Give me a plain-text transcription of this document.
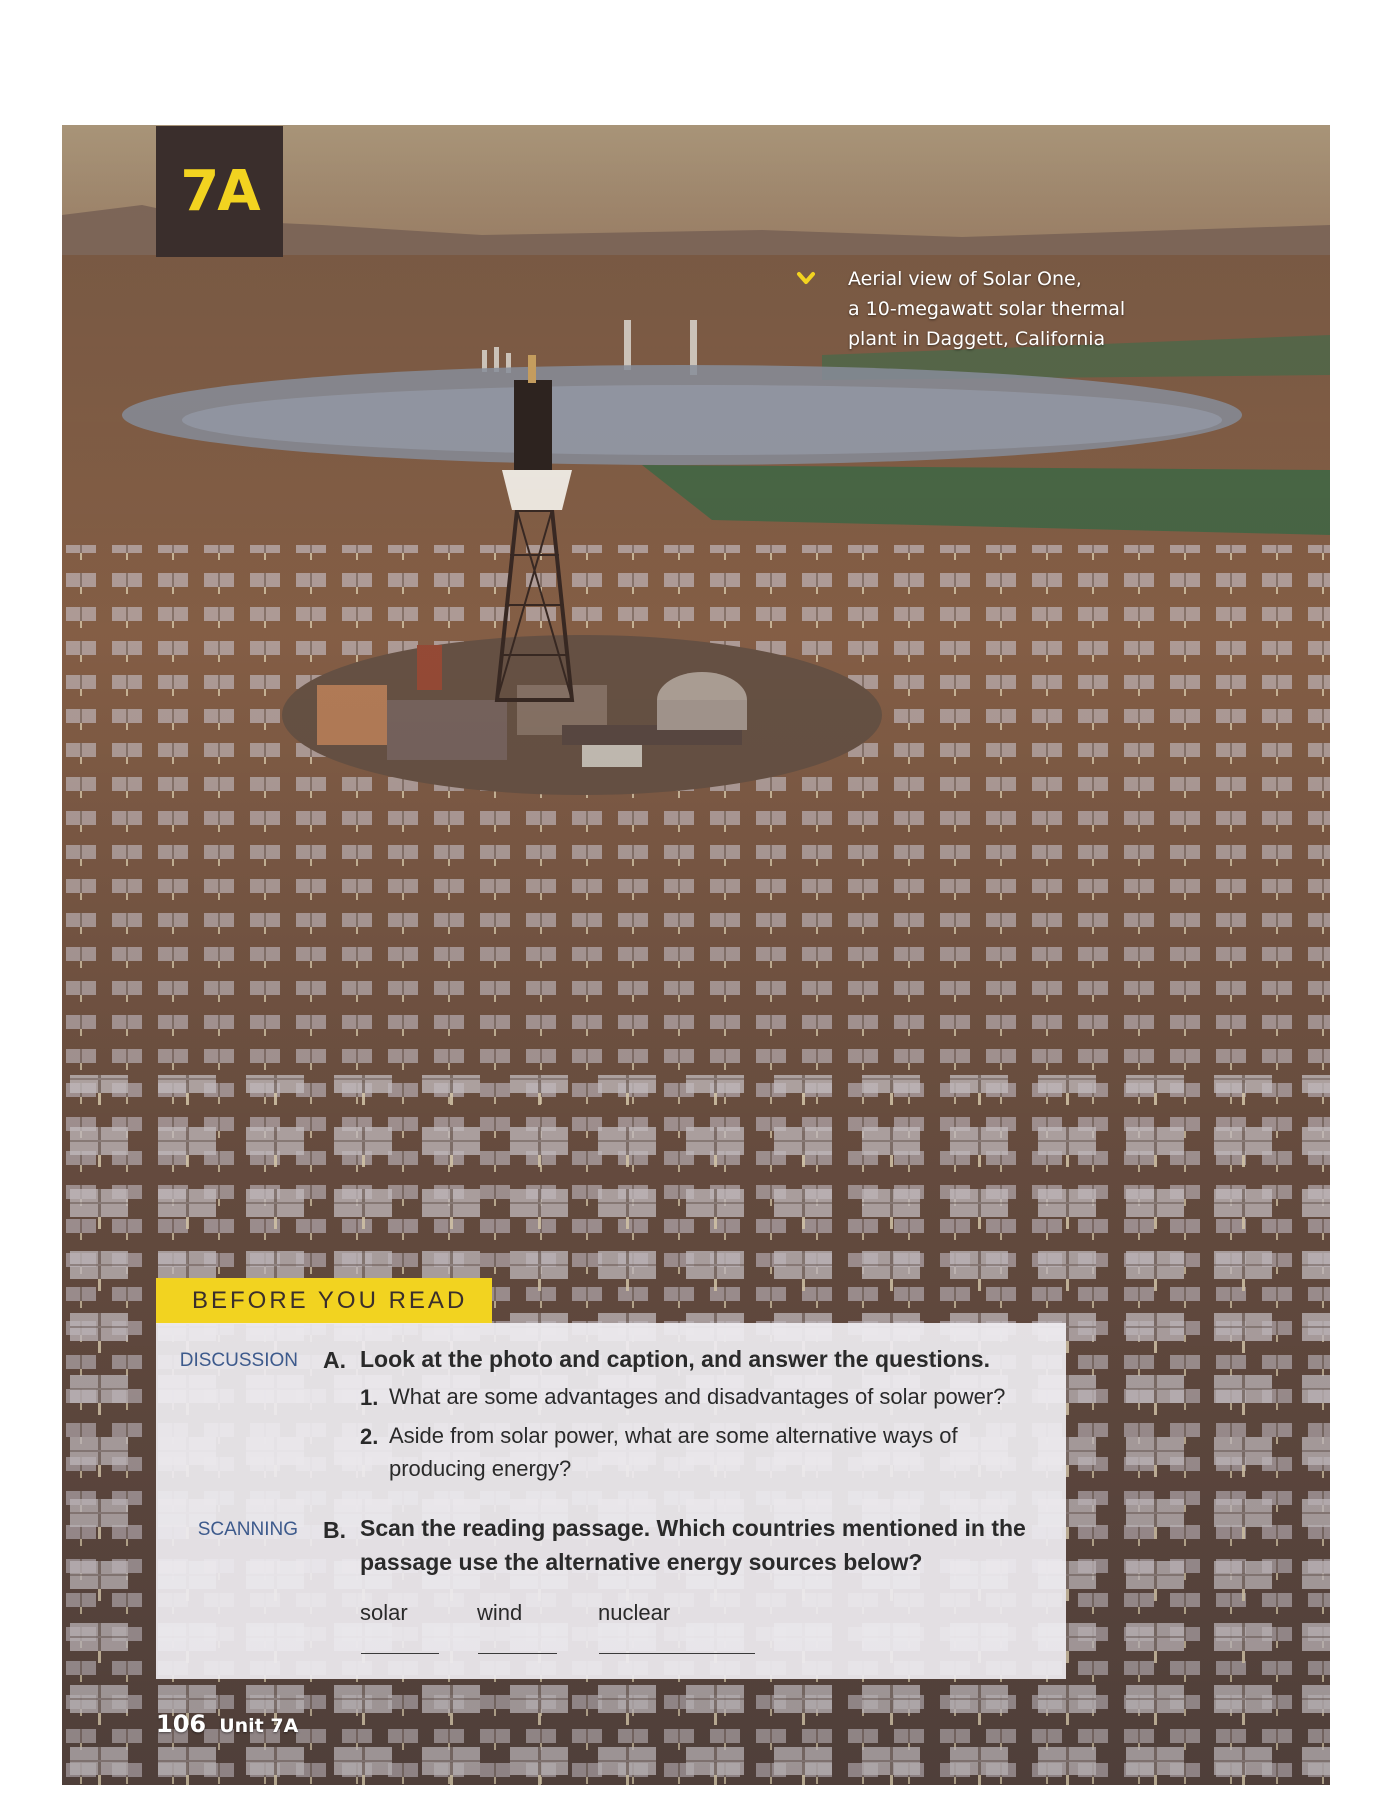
7A
Aerial view of Solar One,
a 10-megawatt solar thermal
plant in Daggett, California
BEFORE YOU READ
DISCUSSION A. Look at the photo and caption, and answer the questions.
1. What are some advantages and disadvantages of solar power?
2. Aside from solar power, what are some alternative ways of
producing energy?
SCANNING B. Scan the reading passage. Which countries mentioned in the
passage use the alternative energy sources below?
solar	wind	nuclear
106 Unit 7A
